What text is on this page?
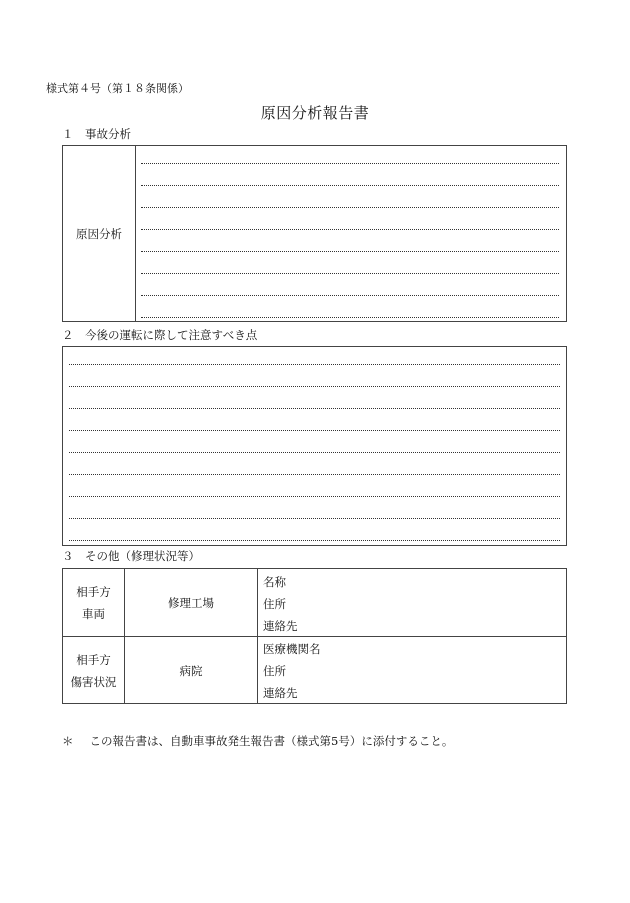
様式第４号（第１８条関係）
原因分析報告書
１　事故分析
原因分析
２　今後の運転に際して注意すべき点
３　その他（修理状況等）
相手方
車両
修理工場
名称
住所
連絡先
相手方
傷害状況
病院
医療機関名
住所
連絡先
＊ この報告書は、自動車事故発生報告書（様式第5号）に添付すること。
